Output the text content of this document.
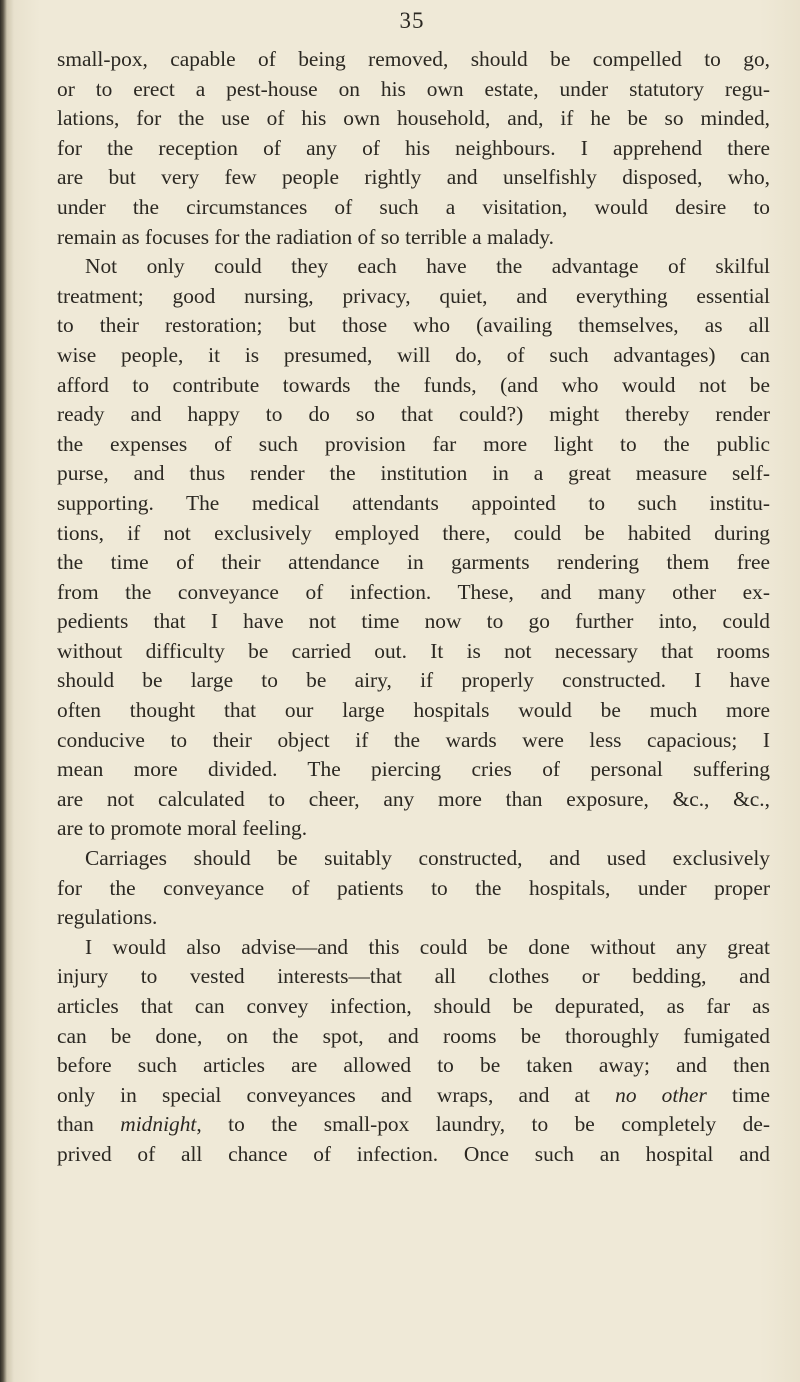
35
small-pox, capable of being removed, should be compelled to go,
or to erect a pest-house on his own estate, under statutory regu-
lations, for the use of his own household, and, if he be so minded,
for the reception of any of his neighbours. I apprehend there
are but very few people rightly and unselfishly disposed, who,
under the circumstances of such a visitation, would desire to
remain as focuses for the radiation of so terrible a malady.
Not only could they each have the advantage of skilful
treatment; good nursing, privacy, quiet, and everything essential
to their restoration; but those who (availing themselves, as all
wise people, it is presumed, will do, of such advantages) can
afford to contribute towards the funds, (and who would not be
ready and happy to do so that could?) might thereby render
the expenses of such provision far more light to the public
purse, and thus render the institution in a great measure self-
supporting. The medical attendants appointed to such institu-
tions, if not exclusively employed there, could be habited during
the time of their attendance in garments rendering them free
from the conveyance of infection. These, and many other ex-
pedients that I have not time now to go further into, could
without difficulty be carried out. It is not necessary that rooms
should be large to be airy, if properly constructed. I have
often thought that our large hospitals would be much more
conducive to their object if the wards were less capacious; I
mean more divided. The piercing cries of personal suffering
are not calculated to cheer, any more than exposure, &c., &c.,
are to promote moral feeling.
Carriages should be suitably constructed, and used exclusively
for the conveyance of patients to the hospitals, under proper
regulations.
I would also advise—and this could be done without any great
injury to vested interests—that all clothes or bedding, and
articles that can convey infection, should be depurated, as far as
can be done, on the spot, and rooms be thoroughly fumigated
before such articles are allowed to be taken away; and then
only in special conveyances and wraps, and at no other time
than midnight, to the small-pox laundry, to be completely de-
prived of all chance of infection. Once such an hospital and
